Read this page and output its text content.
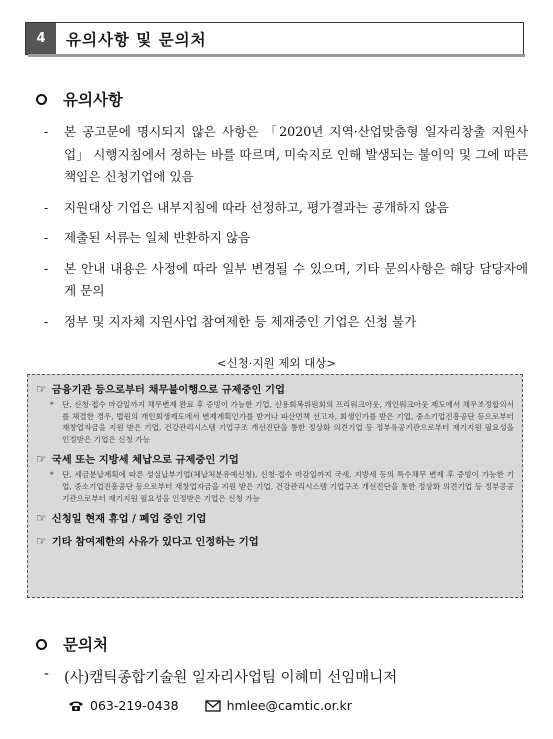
4	유의사항 및 문의처
유의사항
-	본 공고문에 명시되지 않은 사항은 「2020년 지역·산업맞춤형 일자리창출 지원사업」 시행지침에서 정하는 바를 따르며, 미숙지로 인해 발생되는 불이익 및 그에 따른 책임은 신청기업에 있음
-	지원대상 기업은 내부지침에 따라 선정하고, 평가결과는 공개하지 않음
-	제출된 서류는 일체 반환하지 않음
-	본 안내 내용은 사정에 따라 일부 변경될 수 있으며, 기타 문의사항은 해당 담당자에게 문의
-	정부 및 지자체 지원사업 참여제한 등 제재중인 기업은 신청 불가
<신청·지원 제외 대상>
☞ 금융기관 등으로부터 채무불이행으로 규제중인 기업
*	단, 신청·접수 마감일까지 채무변제 완료 후 증빙이 가능한 기업, 신용회복위원회의 프리워크아웃, 개인워크아웃 제도에서 채무조정합의서를 체결한 경우, 법원의 개인회생제도에서 변제계획인가를 받거나 파산면책 선고자, 회생인가를 받은 기업, 중소기업진흥공단 등으로부터 재창업자금을 지원 받은 기업, 건강관리시스템 기업구조 개선진단을 통한 정상화 의견기업 등 정부유공기관으로부터 재기지원 필요성을 인정받은 기업은 신청 가능
☞ 국세 또는 지방세 체납으로 규제중인 기업
*	단, 세금분납계획에 따른 성실납부기업(체납처분유예신청), 신청·접수 마감일까지 국세, 지방세 등의 특수채무 변제 후 증빙이 가능한 기업, 중소기업진흥공단 등으로부터 재창업자금을 지원 받은 기업, 건강관리시스템 기업구조 개선진단을 통한 정상화 의견기업 등 정부공공기관으로부터 재기지원 필요성을 인정받은 기업은 신청 가능
☞ 신청일 현재 휴업 / 폐업 중인 기업
☞ 기타 참여제한의 사유가 있다고 인정하는 기업
문의처
-	(사)캠틱종합기술원 일자리사업팀 이혜미 선임매니저
063-219-0438	hmlee@camtic.or.kr
